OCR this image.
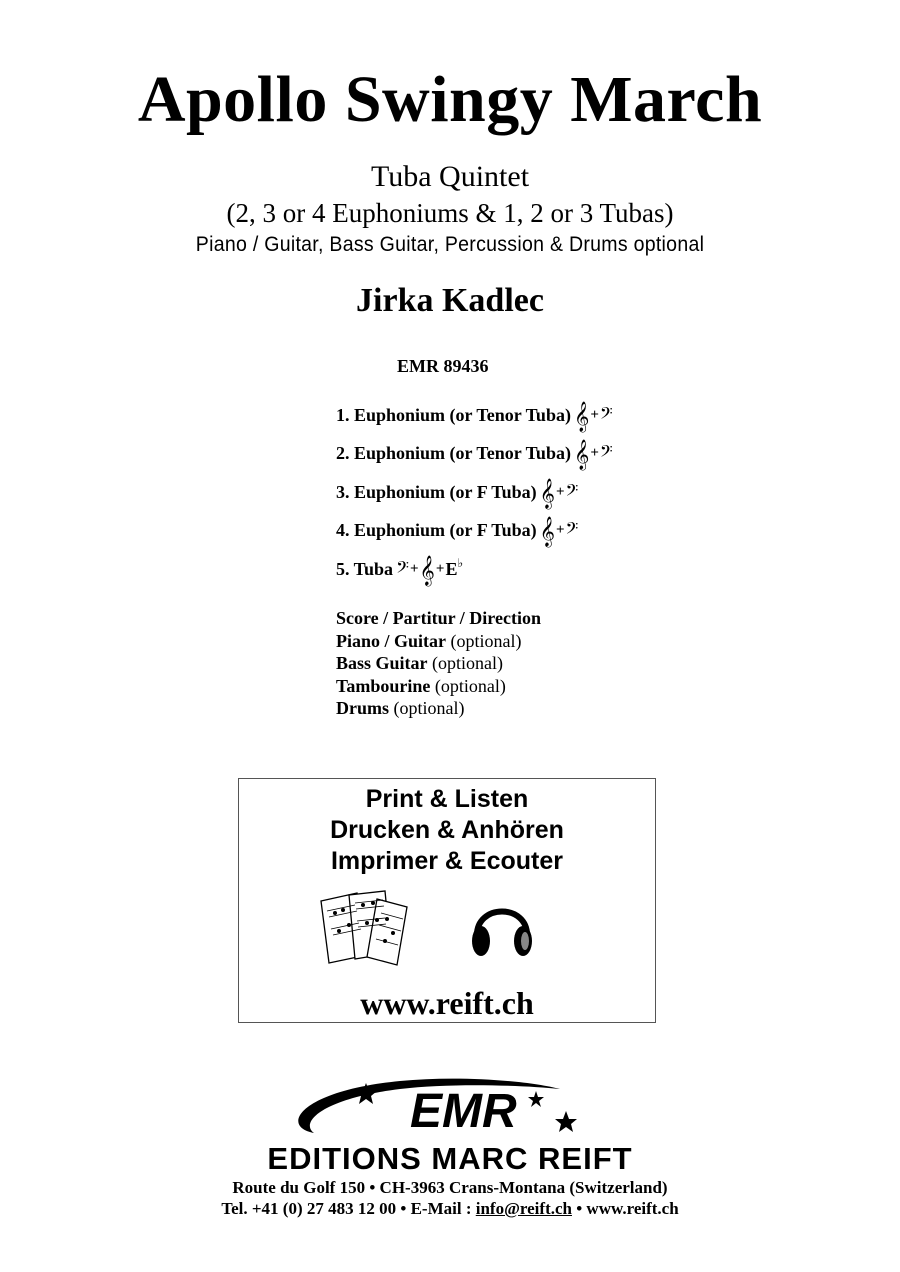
Apollo Swingy March
Tuba Quintet
(2, 3 or 4 Euphoniums & 1, 2 or 3 Tubas)
Piano / Guitar, Bass Guitar, Percussion & Drums optional
Jirka Kadlec
EMR 89436
1. Euphonium (or Tenor Tuba) 𝄞 + 𝄢
2. Euphonium (or Tenor Tuba) 𝄞 + 𝄢
3. Euphonium (or F Tuba) 𝄞 + 𝄢
4. Euphonium (or F Tuba) 𝄞 + 𝄢
5. Tuba 𝄢 + 𝄞 + E ♭
Score / Partitur / Direction
Piano / Guitar (optional)
Bass Guitar (optional)
Tambourine (optional)
Drums (optional)
Print & Listen
Drucken & Anhören
Imprimer & Ecouter
www.reift.ch
EMR
EDITIONS MARC REIFT
Route du Golf 150 • CH-3963 Crans-Montana (Switzerland)
Tel. +41 (0) 27 483 12 00 • E-Mail : info@reift.ch • www.reift.ch
